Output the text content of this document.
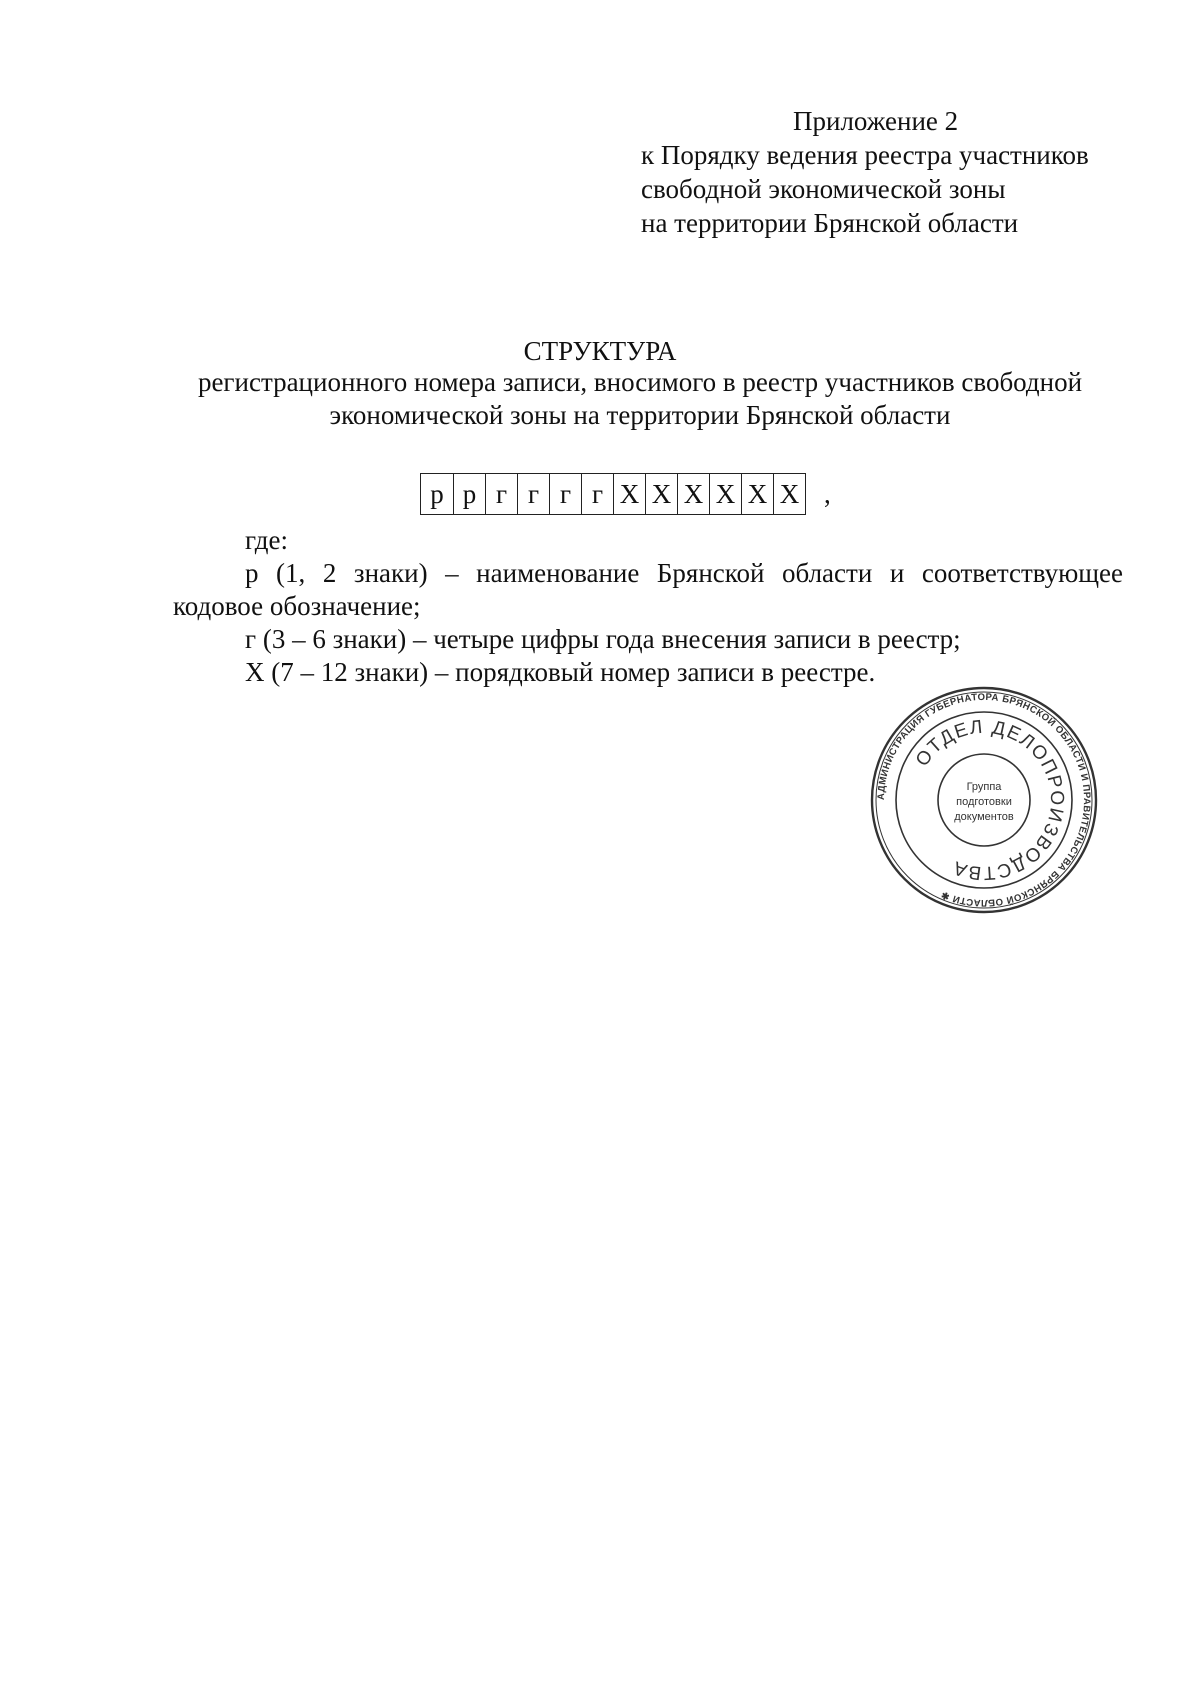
Приложение 2
к Порядку ведения реестра участников
свободной экономической зоны
на территории Брянской области
СТРУКТУРА
регистрационного номера записи, вносимого в реестр участников свободной
экономической зоны на территории Брянской области
р р г г г г Х Х Х Х Х Х ,

где:

р (1, 2 знаки) – наименование Брянской области и соответствующее

кодовое обозначение;

г (3 – 6 знаки) – четыре цифры года внесения записи в реестр;

Х (7 – 12 знаки) – порядковый номер записи в реестре.

АДМИНИСТРАЦИЯ ГУБЕРНАТОРА БРЯНСКОЙ ОБЛАСТИ И ПРАВИТЕЛЬСТВА БРЯНСКОЙ ОБЛАСТИ ✱
ОТДЕЛ ДЕЛОПРОИЗВОДСТВА
Группа
подготовки
документов
